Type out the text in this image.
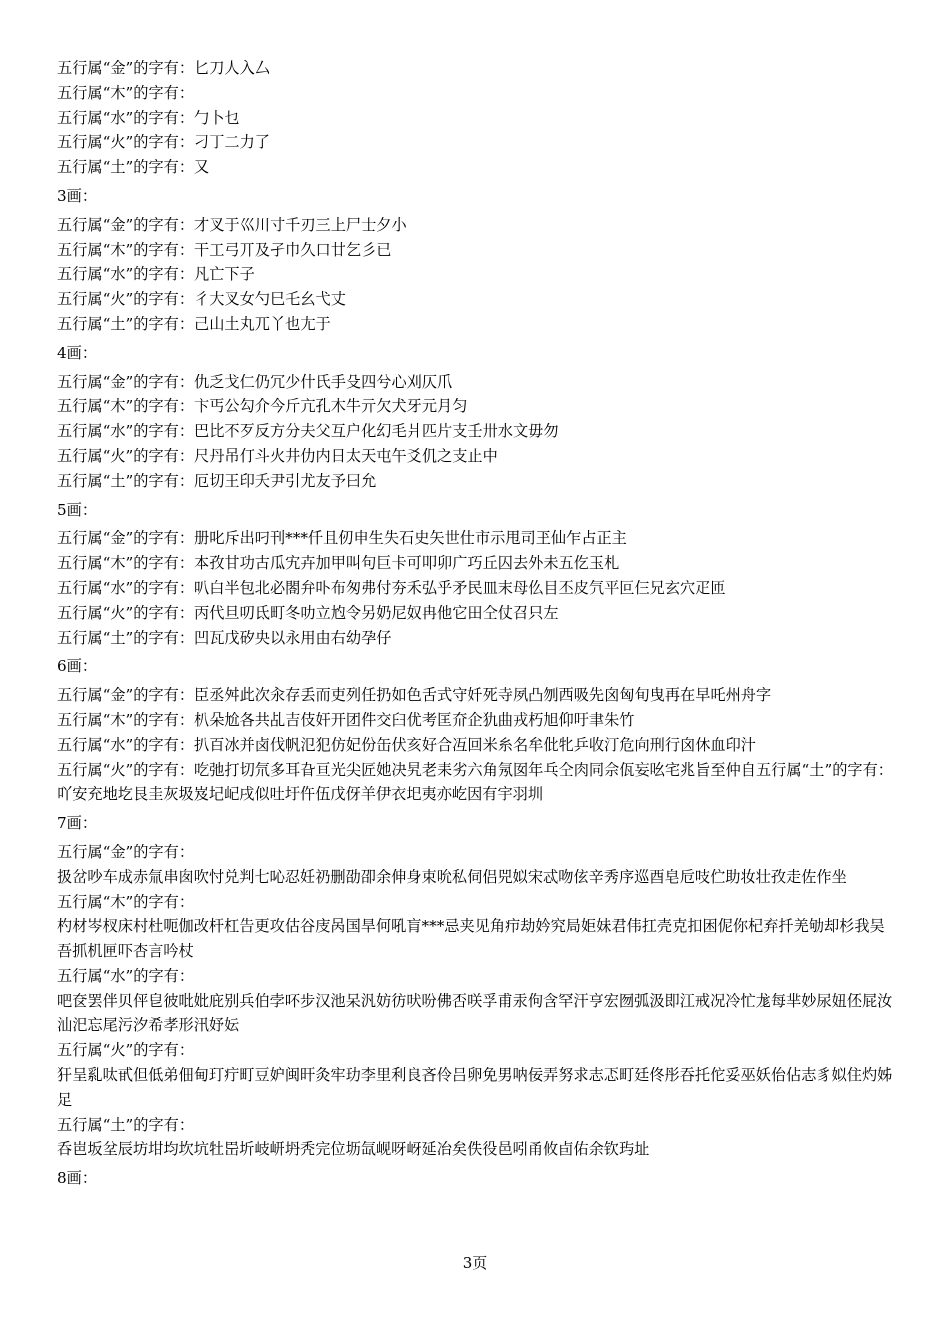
五行属“金”的字有：匕刀人入厶
五行属“木”的字有：
五行属“水”的字有：勹卜乜
五行属“火”的字有：刁丁二力了
五行属“土”的字有：又
3画：
五行属“金”的字有：才叉于巛川寸千刃三上尸士夕小
五行属“木”的字有：干工弓丌及孑巾久口廿乞彡已
五行属“水”的字有：凡亡下子
五行属“火”的字有：彳大叉女勺巳乇幺弋丈
五行属“土”的字有：己山土丸兀丫也尢于
4画：
五行属“金”的字有：仇乏戈仁仍冗少什氏手殳四兮心刈仄爪
五行属“木”的字有：卞丐公勾介今斤亢孔木牛亓欠犬牙元月匀
五行属“水”的字有：巴比不歹反方分夫父互户化幻毛爿匹片支壬卅水文毋勿
五行属“火”的字有：尺丹吊仃斗火井仂内日太天屯午爻仉之支止中
五行属“土”的字有：厄切王印夭尹引尤友予曰允
5画：
五行属“金”的字有：册叱斥出叼刊***仟且仞申生失石史矢世仕市示甩司玊仙乍占正主
五行属“木”的字有：本孜甘功古瓜宄卉加甲叫句巨卡可叩卯广巧丘囚去外未五仡玉札
五行属“水”的字有：叭白半包北必閤弁卟布匆弗付夯禾弘乎矛民皿末母仫目丕皮氕平叵仨兄玄穴疋匝
五行属“火”的字有：丙代旦叨氐町冬叻立尥令另奶尼奴冉他它田仝仗召只左
五行属“土”的字有：凹瓦戊矽央以永用由右幼孕仔
6画：
五行属“金”的字有：臣丞舛此次汆存丢而吏列任扔如色舌式守奷死寺夙凸刎西吸先囟匈旬曳再在早吒州舟字
五行属“木”的字有：朳朵尬各共乩吉伎奸开团件交臼优考匡夼企犰曲戎朽旭仰吁聿朱竹
五行属“水”的字有：扒百冰并卤伐帆氾犯仿妃份缶伏亥好合冱回米糸名牟仳牝乒收汀危向刑行囟休血印汁
五行属“火”的字有：吃弛打切氘多耳旮亘光尖匠她决旯老耒劣六角氖囡年乓仝肉同佘佤妄吆宅兆旨至仲自五行属“土”的字有：吖安充地圪艮圭灰圾岌圮屺戌似吐圩仵伍戊伢羊伊衣圯夷亦屹因有宇羽圳
7画：
五行属“金”的字有：
扱岔吵车成赤氚串囱吹忖兑判七吣忍妊礽删劭卲余伸身束吮私伺侣兕姒宋忒吻伭辛秀序巡酉皂卮吱伫助妆壮孜走佐作坐
五行属“木”的字有：
杓材岑杈床村杜呃伽改杆杠告更攻估谷庋呙国旱何吼肓***忌夹见角疖劫妗究局姖妹君伟扛壳克扣困伲你杞弃扦羌劬却杉我吴吾抓机匣吓杏言吟杖
五行属“水”的字有：
吧奁罢伴贝伻皀彼吡妣庇别兵伯孛吥步汉池呆汎妨彷吠吩佛否咲孚甫汞佝含罕汗亨宏囫弧汲即江戒况冷忙尨每芈妙尿妞伾屁汝汕汜忘尾污汐希孝形汛妤妘
五行属“火”的字有：
犴呈乿呔甙但低弟佃甸玎疔町豆妒闽旰灸牢玏李里利良吝伶吕卵免男呐佞弄努求志忑町廷佟彤吞托佗妥巫妖佁佔志豸姒住灼姊足
五行属“土”的字有：
呑岜坂坌辰坊坩均坎坑牡岊圻岐岍坍秃完位坜氙岘呀岈延冶矣佚役邑吲甬攸卣佑余钦玙址
8画：
3页
